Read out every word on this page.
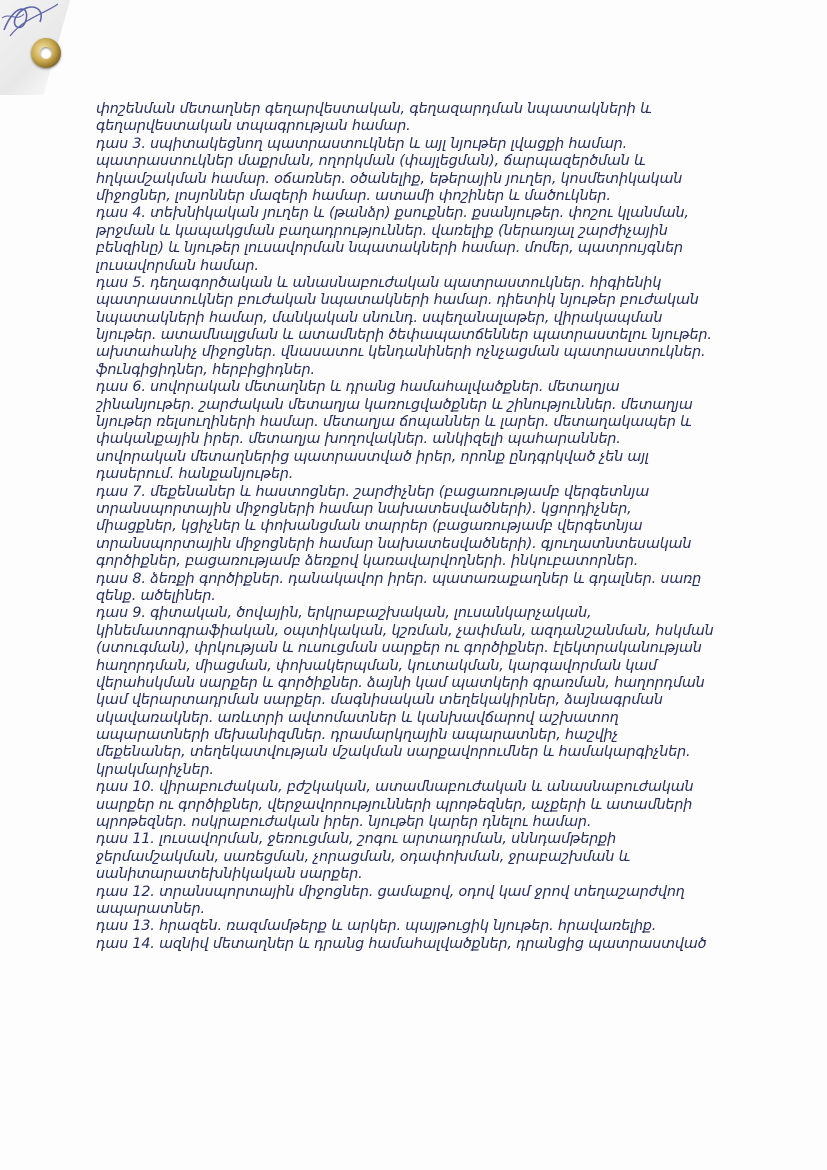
փոշենման մետաղներ գեղարվեստական, գեղազարդման նպատակների և
գեղարվեստական տպագրության համար.
դաս 3. սպիտակեցնող պատրաստուկներ և այլ նյութեր լվացքի համար.
պատրաստուկներ մաքրման, ողորկման (փայլեցման), ճարպազերծման և
հղկամշակման համար. օճառներ. օծանելիք, եթերային յուղեր, կոսմետիկական
միջոցներ, լոսյոններ մազերի համար. ատամի փոշիներ և մածուկներ.
դաս 4. տեխնիկական յուղեր և (թանձր) քսուքներ. քսանյութեր. փոշու կլանման,
թրջման և կապակցման բաղադրություններ. վառելիք (ներառյալ շարժիչային
բենզինը) և նյութեր լուսավորման նպատակների համար. մոմեր, պատրույգներ
լուսավորման համար.
դաս 5. դեղագործական և անասնաբուժական պատրաստուկներ. հիգիենիկ
պատրաստուկներ բուժական նպատակների համար. դիետիկ նյութեր բուժական
նպատակների համար, մանկական սնունդ. սպեղանալաթեր, վիրակապման
նյութեր. ատամնալցման և ատամների ծեփապատճեններ պատրաստելու նյութեր.
ախտահանիչ միջոցներ. վնասատու կենդանիների ոչնչացման պատրաստուկներ.
ֆունգիցիդներ, հերբիցիդներ.
դաս 6. սովորական մետաղներ և դրանց համահալվածքներ. մետաղյա
շինանյութեր. շարժական մետաղյա կառուցվածքներ և շինություններ. մետաղյա
նյութեր ռելսուղիների համար. մետաղյա ճոպաններ և լարեր. մետաղակապեր և
փականքային իրեր. մետաղյա խողովակներ. անկիզելի պահարաններ.
սովորական մետաղներից պատրաստված իրեր, որոնք ընդգրկված չեն այլ
դասերում. հանքանյութեր.
դաս 7. մեքենաներ և հաստոցներ. շարժիչներ (բացառությամբ վերգետնյա
տրանսպորտային միջոցների համար նախատեսվածների). կցորդիչներ,
միացքներ, կցիչներ և փոխանցման տարրեր (բացառությամբ վերգետնյա
տրանսպորտային միջոցների համար նախատեսվածների). գյուղատնտեսական
գործիքներ, բացառությամբ ձեռքով կառավարվողների. ինկուբատորներ.
դաս 8. ձեռքի գործիքներ. դանակավոր իրեր. պատառաքաղներ և գդալներ. սառը
զենք. ածելիներ.
դաս 9. գիտական, ծովային, երկրաբաշխական, լուսանկարչական,
կինեմատոգրաֆիական, օպտիկական, կշռման, չափման, ազդանշանման, հսկման
(ստուգման), փրկության և ուսուցման սարքեր ու գործիքներ. էլեկտրականության
հաղորդման, միացման, փոխակերպման, կուտակման, կարգավորման կամ
վերահսկման սարքեր և գործիքներ. ձայնի կամ պատկերի գրառման, հաղորդման
կամ վերարտադրման սարքեր. մագնիսական տեղեկակիրներ, ձայնագրման
սկավառակներ. առևտրի ավտոմատներ և կանխավճարով աշխատող
ապարատների մեխանիզմներ. դրամարկղային ապարատներ, հաշվիչ
մեքենաներ, տեղեկատվության մշակման սարքավորումներ և համակարգիչներ.
կրակմարիչներ.
դաս 10. վիրաբուժական, բժշկական, ատամնաբուժական և անասնաբուժական
սարքեր ու գործիքներ, վերջավորությունների պրոթեզներ, աչքերի և ատամների
պրոթեզներ. ոսկրաբուժական իրեր. նյութեր կարեր դնելու համար.
դաս 11. լուսավորման, ջեռուցման, շոգու արտադրման, սննդամթերքի
ջերմամշակման, սառեցման, չորացման, օդափոխման, ջրաբաշխման և
սանիտարատեխնիկական սարքեր.
դաս 12. տրանսպորտային միջոցներ. ցամաքով, օդով կամ ջրով տեղաշարժվող
ապարատներ.
դաս 13. հրազեն. ռազմամթերք և արկեր. պայթուցիկ նյութեր. հրավառելիք.
դաս 14. ազնիվ մետաղներ և դրանց համահալվածքներ, դրանցից պատրաստված
